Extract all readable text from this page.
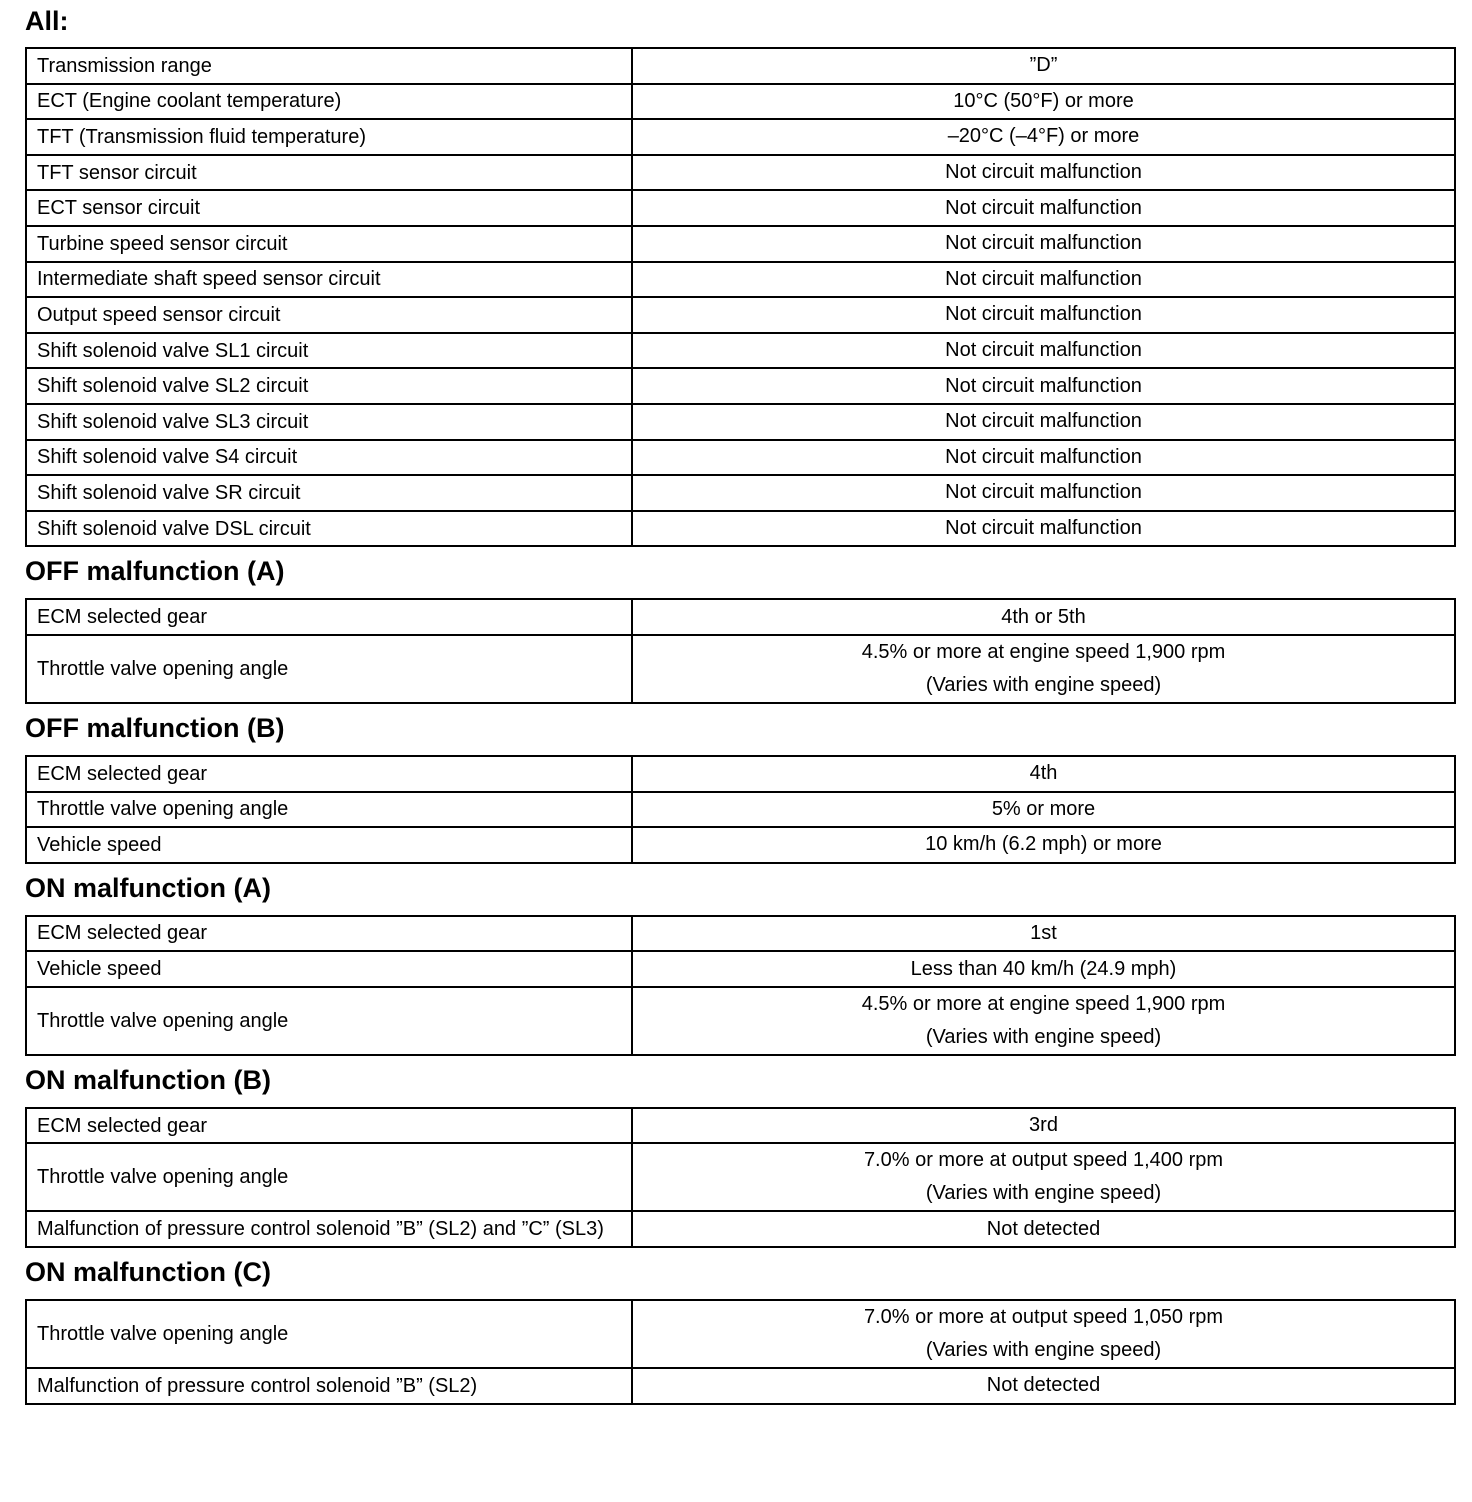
All:
Transmission range	”D”

ECT (Engine coolant temperature)	10°C (50°F) or more

TFT (Transmission fluid temperature)	–20°C (–4°F) or more

TFT sensor circuit	Not circuit malfunction

ECT sensor circuit	Not circuit malfunction

Turbine speed sensor circuit	Not circuit malfunction

Intermediate shaft speed sensor circuit	Not circuit malfunction

Output speed sensor circuit	Not circuit malfunction

Shift solenoid valve SL1 circuit	Not circuit malfunction

Shift solenoid valve SL2 circuit	Not circuit malfunction

Shift solenoid valve SL3 circuit	Not circuit malfunction

Shift solenoid valve S4 circuit	Not circuit malfunction

Shift solenoid valve SR circuit	Not circuit malfunction

Shift solenoid valve DSL circuit	Not circuit malfunction
OFF malfunction (A)
ECM selected gear	4th or 5th

Throttle valve opening angle	4.5% or more at engine speed 1,900 rpm
(Varies with engine speed)
OFF malfunction (B)
ECM selected gear	4th

Throttle valve opening angle	5% or more

Vehicle speed	10 km/h (6.2 mph) or more
ON malfunction (A)
ECM selected gear	1st

Vehicle speed	Less than 40 km/h (24.9 mph)

Throttle valve opening angle	4.5% or more at engine speed 1,900 rpm
(Varies with engine speed)
ON malfunction (B)
ECM selected gear	3rd

Throttle valve opening angle	7.0% or more at output speed 1,400 rpm
(Varies with engine speed)

Malfunction of pressure control solenoid ”B” (SL2) and ”C” (SL3)	Not detected
ON malfunction (C)
Throttle valve opening angle	7.0% or more at output speed 1,050 rpm
(Varies with engine speed)

Malfunction of pressure control solenoid ”B” (SL2)	Not detected
